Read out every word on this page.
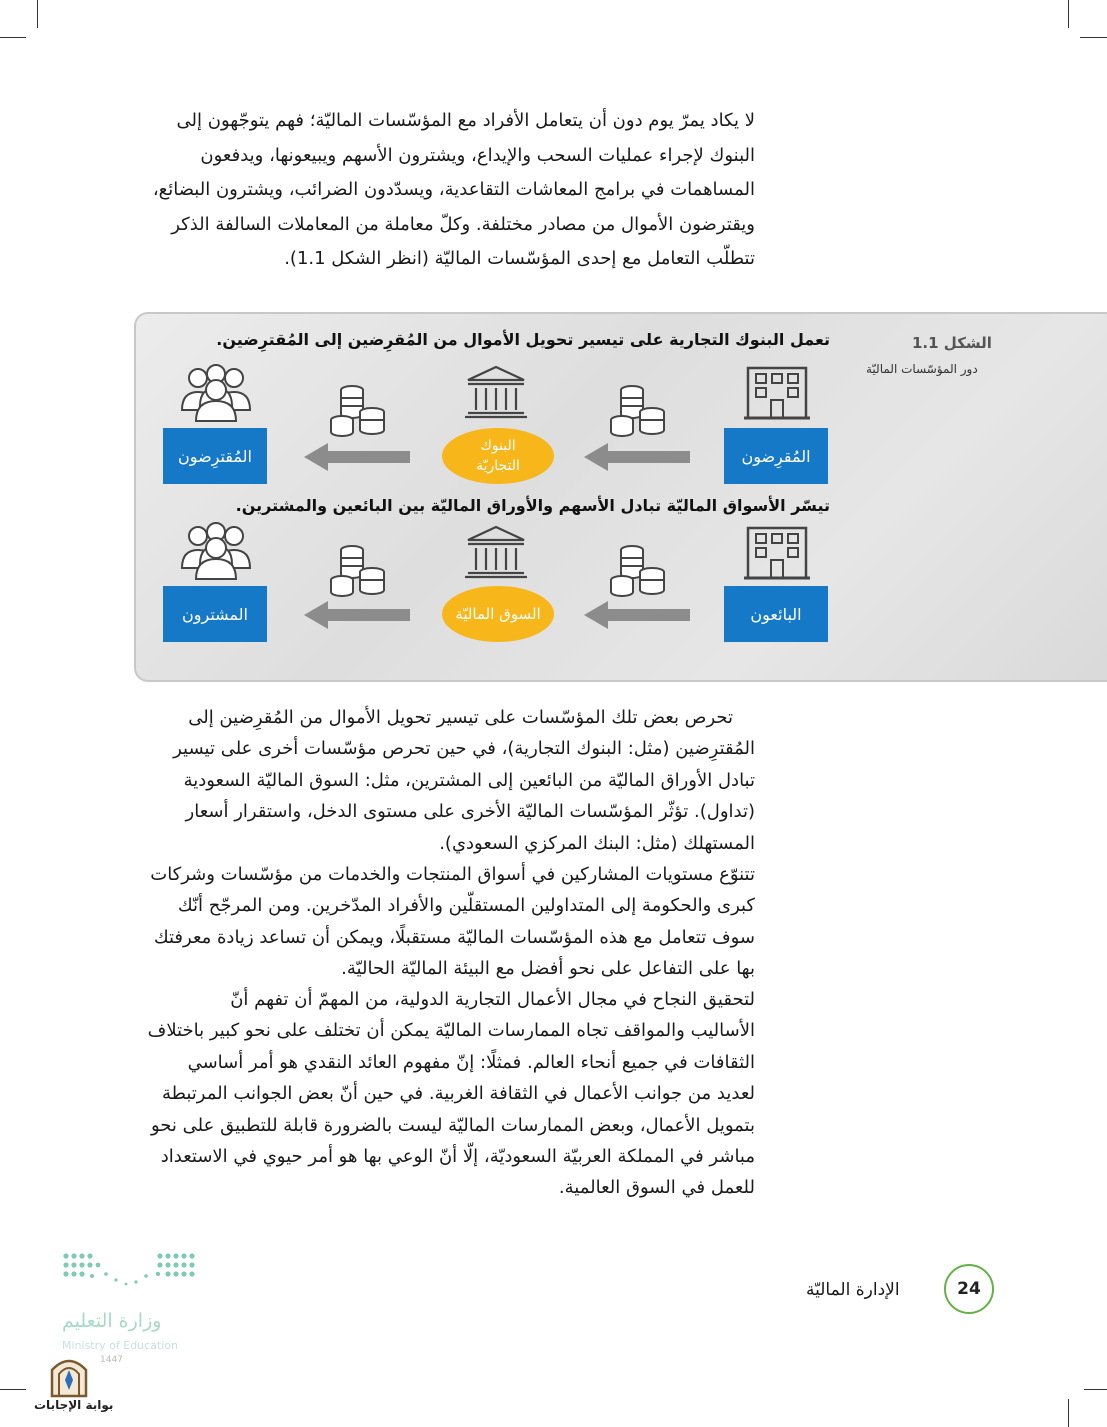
لا يكاد يمرّ يوم دون أن يتعامل الأفراد مع المؤسّسات الماليّة؛ فهم يتوجّهون إلى
البنوك لإجراء عمليات السحب والإيداع، ويشترون الأسهم ويبيعونها، ويدفعون
المساهمات في برامج المعاشات التقاعدية، ويسدّدون الضرائب، ويشترون البضائع،
ويقترضون الأموال من مصادر مختلفة. وكلّ معاملة من المعاملات السالفة الذكر
تتطلّب التعامل مع إحدى المؤسّسات الماليّة (انظر الشكل 1.1).
الشكل 1.1
دور المؤسّسات الماليّة
تعمل البنوك التجارية على تيسير تحويل الأموال من المُقرِضين إلى المُقترِضين.
تيسّر الأسواق الماليّة تبادل الأسهم والأوراق الماليّة بين البائعين والمشترين.
المُقرِضون
البنوك
التجاريّة
المُقترِضون
البائعون
السوق الماليّة
المشترون
تحرص بعض تلك المؤسّسات على تيسير تحويل الأموال من المُقرِضين إلى
المُقترِضين (مثل: البنوك التجارية)، في حين تحرص مؤسّسات أخرى على تيسير
تبادل الأوراق الماليّة من البائعين إلى المشترين، مثل: السوق الماليّة السعودية
(تداول). تؤثّر المؤسّسات الماليّة الأخرى على مستوى الدخل، واستقرار أسعار
المستهلك (مثل: البنك المركزي السعودي).
تتنوّع مستويات المشاركين في أسواق المنتجات والخدمات من مؤسّسات وشركات
كبرى والحكومة إلى المتداولين المستقلّين والأفراد المدّخرين. ومن المرجّح أنّك
سوف تتعامل مع هذه المؤسّسات الماليّة مستقبلًا، ويمكن أن تساعد زيادة معرفتك
بها على التفاعل على نحو أفضل مع البيئة الماليّة الحاليّة.
لتحقيق النجاح في مجال الأعمال التجارية الدولية، من المهمّ أن تفهم أنّ
الأساليب والمواقف تجاه الممارسات الماليّة يمكن أن تختلف على نحو كبير باختلاف
الثقافات في جميع أنحاء العالم. فمثلًا: إنّ مفهوم العائد النقدي هو أمر أساسي
لعديد من جوانب الأعمال في الثقافة الغربية. في حين أنّ بعض الجوانب المرتبطة
بتمويل الأعمال، وبعض الممارسات الماليّة ليست بالضرورة قابلة للتطبيق على نحو
مباشر في المملكة العربيّة السعوديّة، إلّا أنّ الوعي بها هو أمر حيوي في الاستعداد
للعمل في السوق العالمية.
24
الإدارة الماليّة
وزارة التعليم
Ministry of Education
1447
بوابة الإجابات
